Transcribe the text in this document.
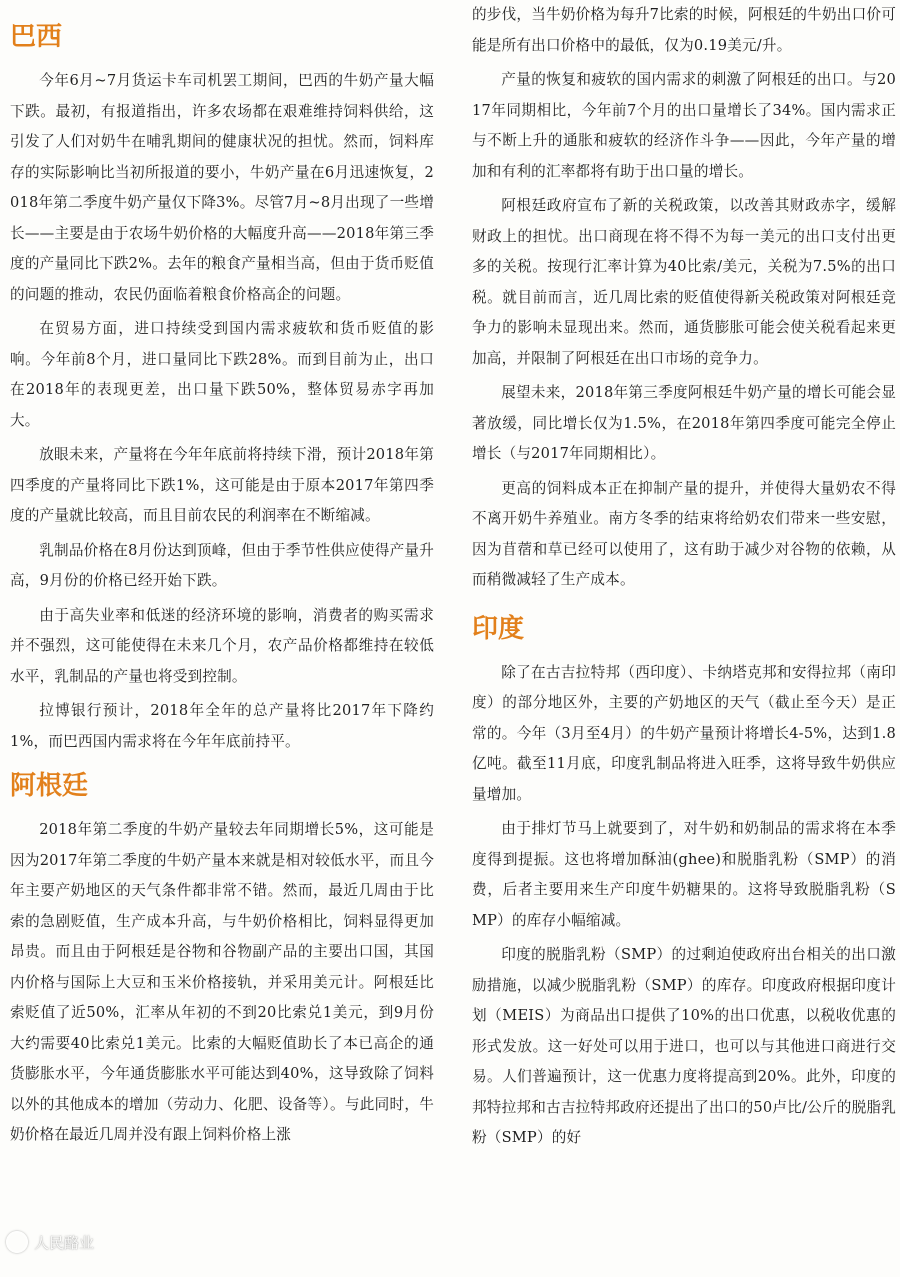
巴西

今年6月~7月货运卡车司机罢工期间，巴西的牛奶产量大幅下跌。最初，有报道指出，许多农场都在艰难维持饲料供给，这引发了人们对奶牛在哺乳期间的健康状况的担忧。然而，饲料库存的实际影响比当初所报道的要小，牛奶产量在6月迅速恢复，2018年第二季度牛奶产量仅下降3%。尽管7月~8月出现了一些增长——主要是由于农场牛奶价格的大幅度升高——2018年第三季度的产量同比下跌2%。去年的粮食产量相当高，但由于货币贬值的问题的推动，农民仍面临着粮食价格高企的问题。

在贸易方面，进口持续受到国内需求疲软和货币贬值的影响。今年前8个月，进口量同比下跌28%。而到目前为止，出口在2018年的表现更差，出口量下跌50%，整体贸易赤字再加大。

放眼未来，产量将在今年年底前将持续下滑，预计2018年第四季度的产量将同比下跌1%，这可能是由于原本2017年第四季度的产量就比较高，而且目前农民的利润率在不断缩减。

乳制品价格在8月份达到顶峰，但由于季节性供应使得产量升高，9月份的价格已经开始下跌。

由于高失业率和低迷的经济环境的影响，消费者的购买需求并不强烈，这可能使得在未来几个月，农产品价格都维持在较低水平，乳制品的产量也将受到控制。

拉博银行预计，2018年全年的总产量将比2017年下降约1%，而巴西国内需求将在今年年底前持平。

阿根廷

2018年第二季度的牛奶产量较去年同期增长5%，这可能是因为2017年第二季度的牛奶产量本来就是相对较低水平，而且今年主要产奶地区的天气条件都非常不错。然而，最近几周由于比索的急剧贬值，生产成本升高，与牛奶价格相比，饲料显得更加昂贵。而且由于阿根廷是谷物和谷物副产品的主要出口国，其国内价格与国际上大豆和玉米价格接轨，并采用美元计。阿根廷比索贬值了近50%，汇率从年初的不到20比索兑1美元，到9月份大约需要40比索兑1美元。比索的大幅贬值助长了本已高企的通货膨胀水平，今年通货膨胀水平可能达到40%，这导致除了饲料以外的其他成本的增加（劳动力、化肥、设备等）。与此同时，牛奶价格在最近几周并没有跟上饲料价格上涨

的步伐，当牛奶价格为每升7比索的时候，阿根廷的牛奶出口价可能是所有出口价格中的最低，仅为0.19美元/升。

产量的恢复和疲软的国内需求的刺激了阿根廷的出口。与2017年同期相比，今年前7个月的出口量增长了34%。国内需求正与不断上升的通胀和疲软的经济作斗争——因此，今年产量的增加和有利的汇率都将有助于出口量的增长。

阿根廷政府宣布了新的关税政策，以改善其财政赤字，缓解财政上的担忧。出口商现在将不得不为每一美元的出口支付出更多的关税。按现行汇率计算为40比索/美元，关税为7.5%的出口税。就目前而言，近几周比索的贬值使得新关税政策对阿根廷竞争力的影响未显现出来。然而，通货膨胀可能会使关税看起来更加高，并限制了阿根廷在出口市场的竞争力。

展望未来，2018年第三季度阿根廷牛奶产量的增长可能会显著放缓，同比增长仅为1.5%，在2018年第四季度可能完全停止增长（与2017年同期相比）。

更高的饲料成本正在抑制产量的提升，并使得大量奶农不得不离开奶牛养殖业。南方冬季的结束将给奶农们带来一些安慰，因为苜蓿和草已经可以使用了，这有助于减少对谷物的依赖，从而稍微减轻了生产成本。

印度

除了在古吉拉特邦（西印度）、卡纳塔克邦和安得拉邦（南印度）的部分地区外，主要的产奶地区的天气（截止至今天）是正常的。今年（3月至4月）的牛奶产量预计将增长4-5%，达到1.8亿吨。截至11月底，印度乳制品将进入旺季，这将导致牛奶供应量增加。

由于排灯节马上就要到了，对牛奶和奶制品的需求将在本季度得到提振。这也将增加酥油(ghee)和脱脂乳粉（SMP）的消费，后者主要用来生产印度牛奶糖果的。这将导致脱脂乳粉（SMP）的库存小幅缩减。

印度的脱脂乳粉（SMP）的过剩迫使政府出台相关的出口激励措施，以减少脱脂乳粉（SMP）的库存。印度政府根据印度计划（MEIS）为商品出口提供了10%的出口优惠，以税收优惠的形式发放。这一好处可以用于进口，也可以与其他进口商进行交易。人们普遍预计，这一优惠力度将提高到20%。此外，印度的邦特拉邦和古吉拉特邦政府还提出了出口的50卢比/公斤的脱脂乳粉（SMP）的好

人民酪业
